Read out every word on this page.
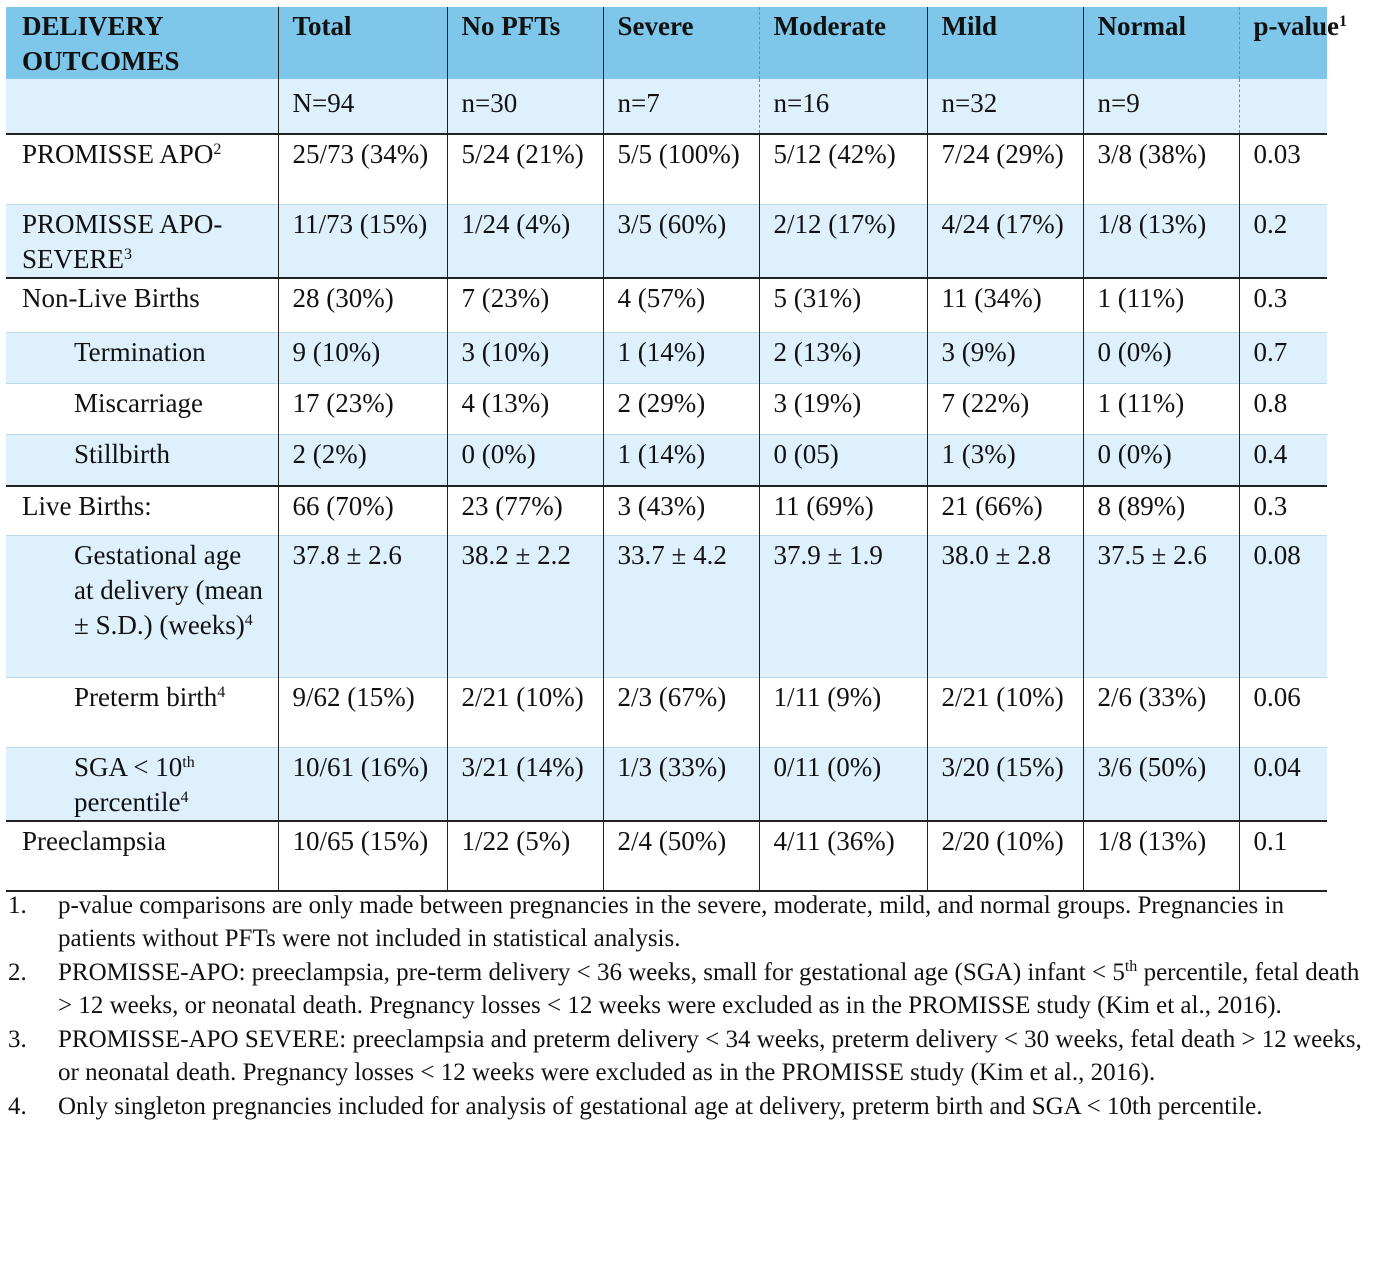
DELIVERY
OUTCOMES	Total	No PFTs	Severe	Moderate	Mild	Normal	p-value$^1$
	N=94	n=30	n=7	n=16	n=32	n=9	
PROMISSE APO$^2$	25/73 (34%)	5/24 (21%)	5/5 (100%)	5/12 (42%)	7/24 (29%)	3/8 (38%)	0.03
PROMISSE APO-SEVERE$^3$	11/73 (15%)	1/24 (4%)	3/5 (60%)	2/12 (17%)	4/24 (17%)	1/8 (13%)	0.2
Non-Live Births	28 (30%)	7 (23%)	4 (57%)	5 (31%)	11 (34%)	1 (11%)	0.3
Termination	9 (10%)	3 (10%)	1 (14%)	2 (13%)	3 (9%)	0 (0%)	0.7
Miscarriage	17 (23%)	4 (13%)	2 (29%)	3 (19%)	7 (22%)	1 (11%)	0.8
Stillbirth	2 (2%)	0 (0%)	1 (14%)	0 (05)	1 (3%)	0 (0%)	0.4
Live Births:	66 (70%)	23 (77%)	3 (43%)	11 (69%)	21 (66%)	8 (89%)	0.3
Gestational age at delivery (mean ± S.D.) (weeks)$^4$	37.8 ± 2.6	38.2 ± 2.2	33.7 ± 4.2	37.9 ± 1.9	38.0 ± 2.8	37.5 ± 2.6	0.08
Preterm birth$^4$	9/62 (15%)	2/21 (10%)	2/3 (67%)	1/11 (9%)	2/21 (10%)	2/6 (33%)	0.06
SGA < 10th
percentile$^4$	10/61 (16%)	3/21 (14%)	1/3 (33%)	0/11 (0%)	3/20 (15%)	3/6 (50%)	0.04
Preeclampsia	10/65 (15%)	1/22 (5%)	2/4 (50%)	4/11 (36%)	2/20 (10%)	1/8 (13%)	0.1
1. p-value comparisons are only made between pregnancies in the severe, moderate, mild, and normal groups. Pregnancies in patients without PFTs were not included in statistical analysis.
2. PROMISSE-APO: preeclampsia, pre-term delivery < 36 weeks, small for gestational age (SGA) infant < 5th percentile, fetal death > 12 weeks, or neonatal death. Pregnancy losses < 12 weeks were excluded as in the PROMISSE study (Kim et al., 2016).
3. PROMISSE-APO SEVERE: preeclampsia and preterm delivery < 34 weeks, preterm delivery < 30 weeks, fetal death > 12 weeks, or neonatal death. Pregnancy losses < 12 weeks were excluded as in the PROMISSE study (Kim et al., 2016).
4. Only singleton pregnancies included for analysis of gestational age at delivery, preterm birth and SGA < 10th percentile.
